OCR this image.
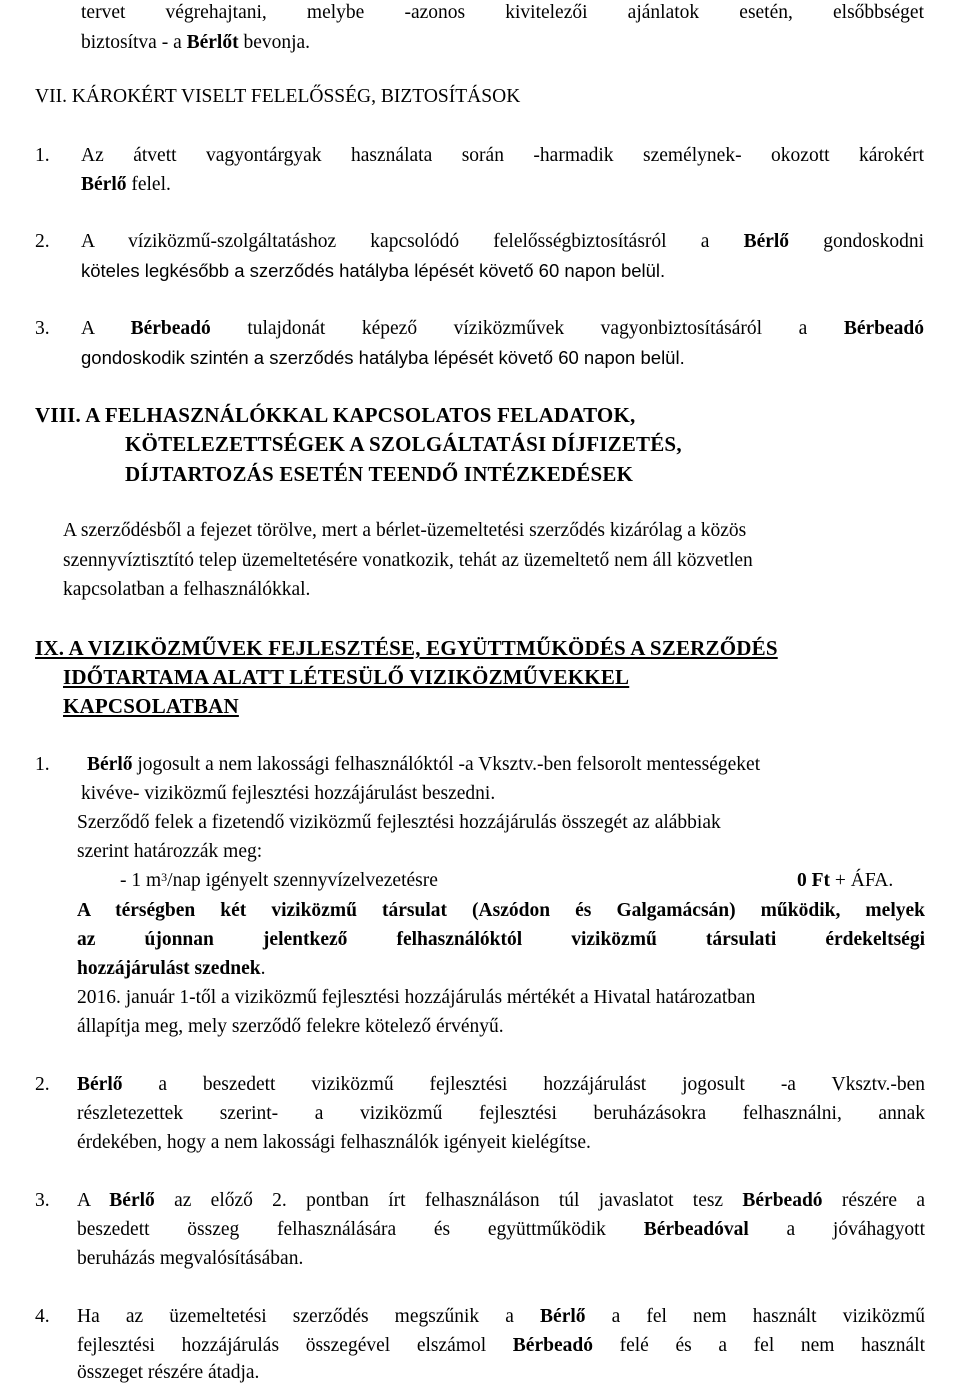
tervet végrehajtani, melybe -azonos kivitelezői ajánlatok esetén, elsőbbséget
biztosítva - a Bérlőt bevonja.
VII. KÁROKÉRT VISELT FELELŐSSÉG, BIZTOSÍTÁSOK
1. Az átvett vagyontárgyak használata során -harmadik személynek- okozott károkért
Bérlő felel.
2. A víziközmű-szolgáltatáshoz kapcsolódó felelősségbiztosításról a Bérlő gondoskodni
köteles legkésőbb a szerződés hatályba lépését követő 60 napon belül.
3. A Bérbeadó tulajdonát képező víziközművek vagyonbiztosításáról a Bérbeadó
gondoskodik szintén a szerződés hatályba lépését követő 60 napon belül.
VIII. A FELHASZNÁLÓKKAL KAPCSOLATOS FELADATOK,
KÖTELEZETTSÉGEK A SZOLGÁLTATÁSI DÍJFIZETÉS,
DÍJTARTOZÁS ESETÉN TEENDŐ INTÉZKEDÉSEK
A szerződésből a fejezet törölve, mert a bérlet-üzemeltetési szerződés kizárólag a közös
szennyvíztisztító telep üzemeltetésére vonatkozik, tehát az üzemeltető nem áll közvetlen
kapcsolatban a felhasználókkal.
IX. A VIZIKÖZMŰVEK FEJLESZTÉSE, EGYÜTTMŰKÖDÉS A SZERZŐDÉS
IDŐTARTAMA ALATT LÉTESÜLŐ VIZIKÖZMŰVEKKEL
KAPCSOLATBAN
1. Bérlő jogosult a nem lakossági felhasználóktól -a Vksztv.-ben felsorolt mentességeket
kivéve- viziközmű fejlesztési hozzájárulást beszedni.
Szerződő felek a fizetendő viziközmű fejlesztési hozzájárulás összegét az alábbiak
szerint határozzák meg:
- 1 $m^3$/nap igényelt szennyvízelvezetésre	0 Ft + ÁFA.
A térségben két viziközmű társulat (Aszódon és Galgamácsán) működik, melyek
az újonnan jelentkező felhasználóktól viziközmű társulati érdekeltségi
hozzájárulást szednek.
2016. január 1-től a viziközmű fejlesztési hozzájárulás mértékét a Hivatal határozatban
állapítja meg, mely szerződő felekre kötelező érvényű.
2. Bérlő a beszedett viziközmű fejlesztési hozzájárulást jogosult -a Vksztv.-ben
részletezettek szerint- a viziközmű fejlesztési beruházásokra felhasználni, annak
érdekében, hogy a nem lakossági felhasználók igényeit kielégítse.
3. A Bérlő az előző 2. pontban írt felhasználáson túl javaslatot tesz Bérbeadó részére a
beszedett összeg felhasználására és együttműködik Bérbeadóval a jóváhagyott
beruházás megvalósításában.
4. Ha az üzemeltetési szerződés megszűnik a Bérlő a fel nem használt viziközmű
fejlesztési hozzájárulás összegével elszámol Bérbeadó felé és a fel nem használt
összeget részére átadja.
